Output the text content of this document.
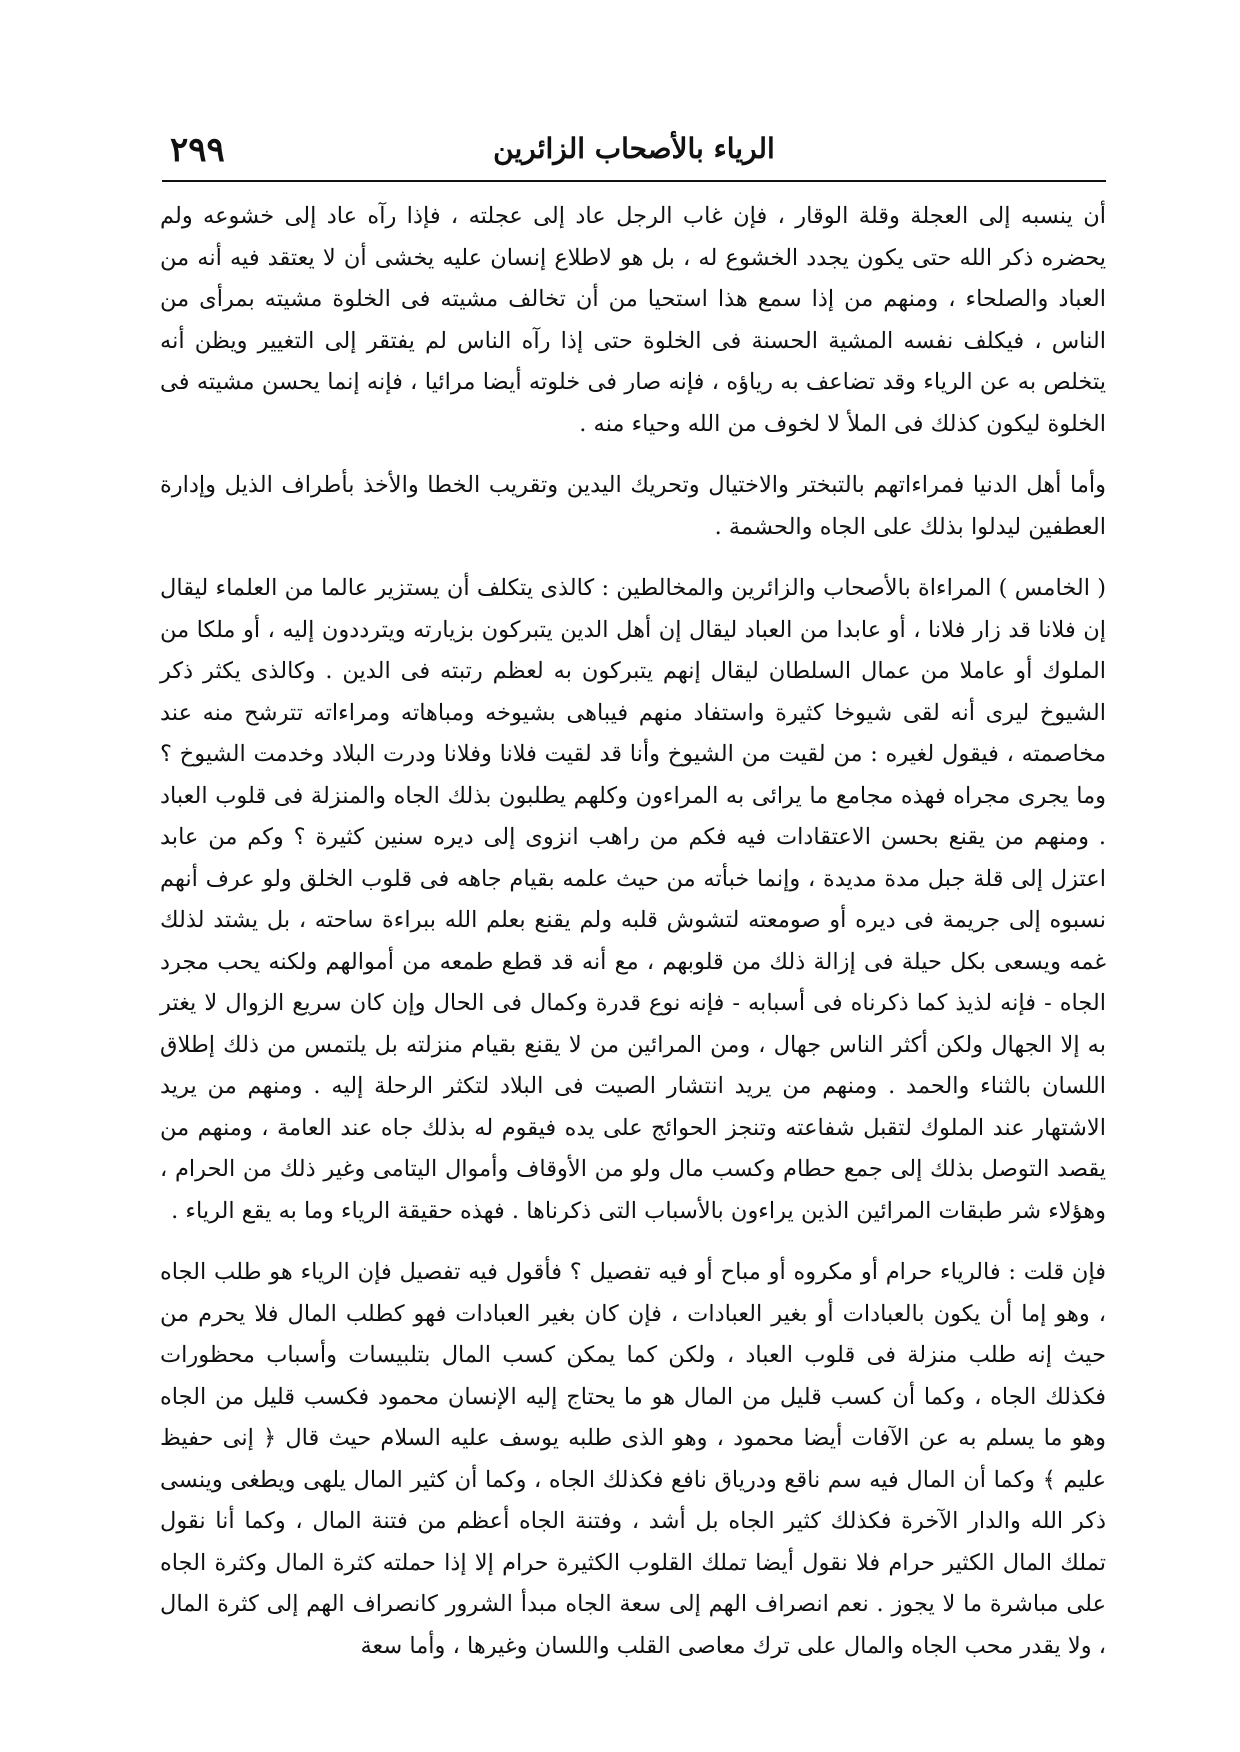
الرياء بالأصحاب الزائرين
٢٩٩

أن ينسبه إلى العجلة وقلة الوقار ، فإن غاب الرجل عاد إلى عجلته ، فإذا رآه عاد إلى خشوعه ولم يحضره ذكر الله حتى يكون يجدد الخشوع له ، بل هو لاطلاع إنسان عليه يخشى أن لا يعتقد فيه أنه من العباد والصلحاء ، ومنهم من إذا سمع هذا استحيا من أن تخالف مشيته فى الخلوة مشيته بمرأى من الناس ، فيكلف نفسه المشية الحسنة فى الخلوة حتى إذا رآه الناس لم يفتقر إلى التغيير ويظن أنه يتخلص به عن الرياء وقد تضاعف به رياؤه ، فإنه صار فى خلوته أيضا مرائيا ، فإنه إنما يحسن مشيته فى الخلوة ليكون كذلك فى الملأ لا لخوف من الله وحياء منه .

وأما أهل الدنيا فمراءاتهم بالتبختر والاختيال وتحريك اليدين وتقريب الخطا والأخذ بأطراف الذيل وإدارة العطفين ليدلوا بذلك على الجاه والحشمة .

( الخامس ) المراءاة بالأصحاب والزائرين والمخالطين : كالذى يتكلف أن يستزير عالما من العلماء ليقال إن فلانا قد زار فلانا ، أو عابدا من العباد ليقال إن أهل الدين يتبركون بزيارته ويترددون إليه ، أو ملكا من الملوك أو عاملا من عمال السلطان ليقال إنهم يتبركون به لعظم رتبته فى الدين . وكالذى يكثر ذكر الشيوخ ليرى أنه لقى شيوخا كثيرة واستفاد منهم فيباهى بشيوخه ومباهاته ومراءاته تترشح منه عند مخاصمته ، فيقول لغيره : من لقيت من الشيوخ وأنا قد لقيت فلانا وفلانا ودرت البلاد وخدمت الشيوخ ؟ وما يجرى مجراه فهذه مجامع ما يرائى به المراءون وكلهم يطلبون بذلك الجاه والمنزلة فى قلوب العباد . ومنهم من يقنع بحسن الاعتقادات فيه فكم من راهب انزوى إلى ديره سنين كثيرة ؟ وكم من عابد اعتزل إلى قلة جبل مدة مديدة ، وإنما خبأته من حيث علمه بقيام جاهه فى قلوب الخلق ولو عرف أنهم نسبوه إلى جريمة فى ديره أو صومعته لتشوش قلبه ولم يقنع بعلم الله ببراءة ساحته ، بل يشتد لذلك غمه ويسعى بكل حيلة فى إزالة ذلك من قلوبهم ، مع أنه قد قطع طمعه من أموالهم ولكنه يحب مجرد الجاه - فإنه لذيذ كما ذكرناه فى أسبابه - فإنه نوع قدرة وكمال فى الحال وإن كان سريع الزوال لا يغتر به إلا الجهال ولكن أكثر الناس جهال ، ومن المرائين من لا يقنع بقيام منزلته بل يلتمس من ذلك إطلاق اللسان بالثناء والحمد . ومنهم من يريد انتشار الصيت فى البلاد لتكثر الرحلة إليه . ومنهم من يريد الاشتهار عند الملوك لتقبل شفاعته وتنجز الحوائج على يده فيقوم له بذلك جاه عند العامة ، ومنهم من يقصد التوصل بذلك إلى جمع حطام وكسب مال ولو من الأوقاف وأموال اليتامى وغير ذلك من الحرام ، وهؤلاء شر طبقات المرائين الذين يراءون بالأسباب التى ذكرناها . فهذه حقيقة الرياء وما به يقع الرياء .

فإن قلت : فالرياء حرام أو مكروه أو مباح أو فيه تفصيل ؟ فأقول فيه تفصيل فإن الرياء هو طلب الجاه ، وهو إما أن يكون بالعبادات أو بغير العبادات ، فإن كان بغير العبادات فهو كطلب المال فلا يحرم من حيث إنه طلب منزلة فى قلوب العباد ، ولكن كما يمكن كسب المال بتلبيسات وأسباب محظورات فكذلك الجاه ، وكما أن كسب قليل من المال هو ما يحتاج إليه الإنسان محمود فكسب قليل من الجاه وهو ما يسلم به عن الآفات أيضا محمود ، وهو الذى طلبه يوسف عليه السلام حيث قال ﴿ إنى حفيظ عليم ﴾ وكما أن المال فيه سم ناقع ودرياق نافع فكذلك الجاه ، وكما أن كثير المال يلهى ويطغى وينسى ذكر الله والدار الآخرة فكذلك كثير الجاه بل أشد ، وفتنة الجاه أعظم من فتنة المال ، وكما أنا نقول تملك المال الكثير حرام فلا نقول أيضا تملك القلوب الكثيرة حرام إلا إذا حملته كثرة المال وكثرة الجاه على مباشرة ما لا يجوز . نعم انصراف الهم إلى سعة الجاه مبدأ الشرور كانصراف الهم إلى كثرة المال ، ولا يقدر محب الجاه والمال على ترك معاصى القلب واللسان وغيرها ، وأما سعة
